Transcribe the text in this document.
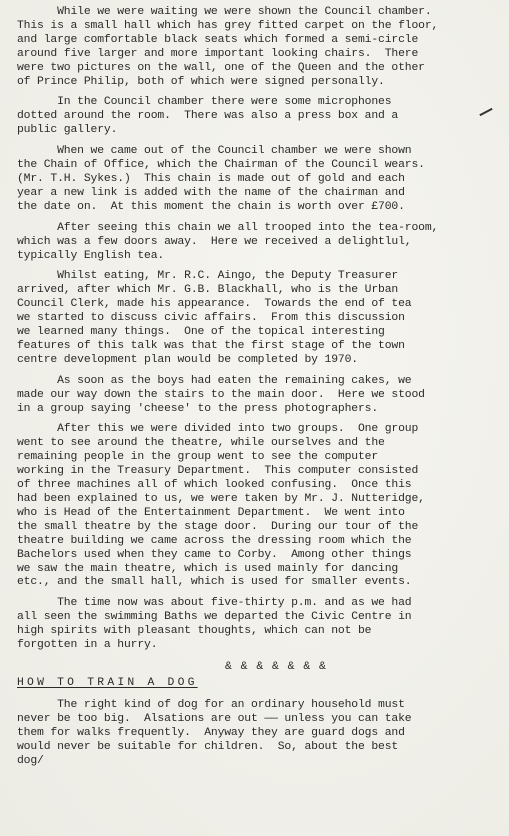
While we were waiting we were shown the Council chamber.
This is a small hall which has grey fitted carpet on the floor,
and large comfortable black seats which formed a semi-circle
around five larger and more important looking chairs.  There
were two pictures on the wall, one of the Queen and the other
of Prince Philip, both of which were signed personally.
In the Council chamber there were some microphones
dotted around the room.  There was also a press box and a
public gallery.
When we came out of the Council chamber we were shown
the Chain of Office, which the Chairman of the Council wears.
(Mr. T.H. Sykes.)  This chain is made out of gold and each
year a new link is added with the name of the chairman and
the date on.  At this moment the chain is worth over £700.
After seeing this chain we all trooped into the tea-room,
which was a few doors away.  Here we received a delightlul,
typically English tea.
Whilst eating, Mr. R.C. Aingo, the Deputy Treasurer
arrived, after which Mr. G.B. Blackhall, who is the Urban
Council Clerk, made his appearance.  Towards the end of tea
we started to discuss civic affairs.  From this discussion
we learned many things.  One of the topical interesting
features of this talk was that the first stage of the town
centre development plan would be completed by 1970.
As soon as the boys had eaten the remaining cakes, we
made our way down the stairs to the main door.  Here we stood
in a group saying 'cheese' to the press photographers.
After this we were divided into two groups.  One group
went to see around the theatre, while ourselves and the
remaining people in the group went to see the computer
working in the Treasury Department.  This computer consisted
of three machines all of which looked confusing.  Once this
had been explained to us, we were taken by Mr. J. Nutteridge,
who is Head of the Entertainment Department.  We went into
the small theatre by the stage door.  During our tour of the
theatre building we came across the dressing room which the
Bachelors used when they came to Corby.  Among other things
we saw the main theatre, which is used mainly for dancing
etc., and the small hall, which is used for smaller events.
The time now was about five-thirty p.m. and as we had
all seen the swimming Baths we departed the Civic Centre in
high spirits with pleasant thoughts, which can not be
forgotten in a hurry.
& & & & & & &
HOW TO TRAIN A DOG
The right kind of dog for an ordinary household must
never be too big.  Alsations are out —— unless you can take
them for walks frequently.  Anyway they are guard dogs and
would never be suitable for children.  So, about the best
dog/
